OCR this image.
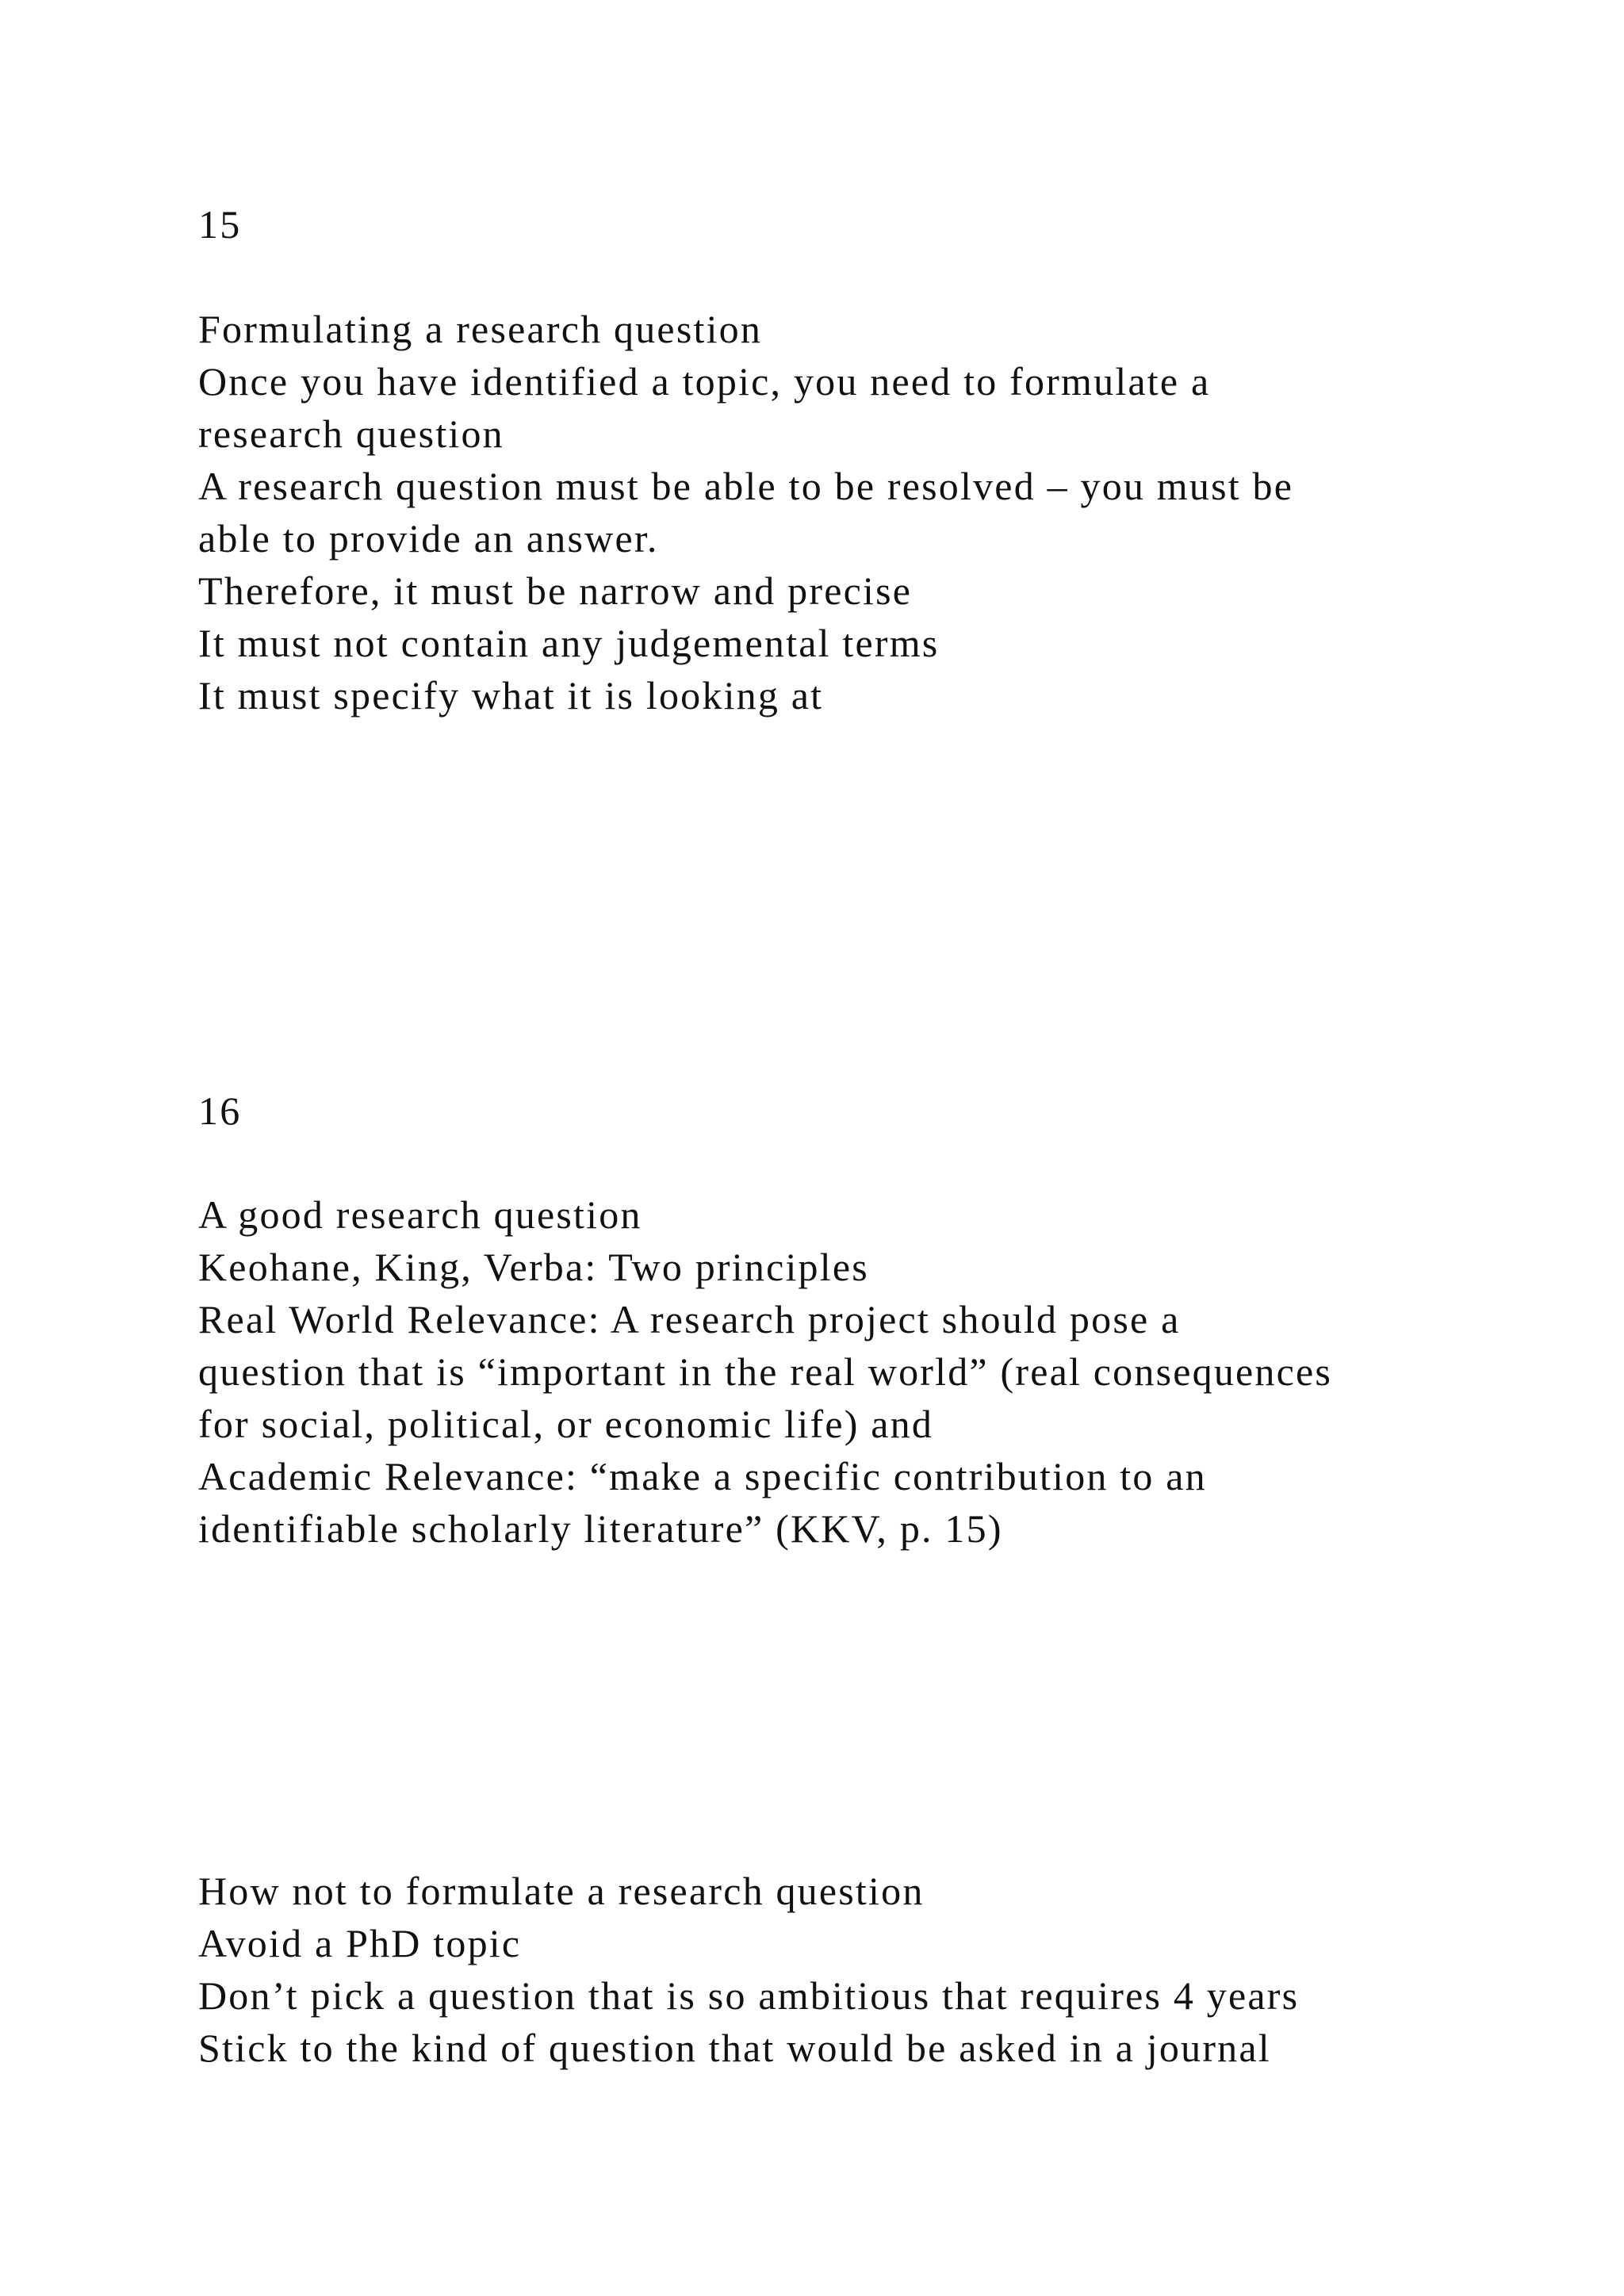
15

Formulating a research question

Once you have identified a topic, you need to formulate a

research question

A research question must be able to be resolved – you must be

able to provide an answer.

Therefore, it must be narrow and precise

It must not contain any judgemental terms

It must specify what it is looking at

16

A good research question

Keohane, King, Verba: Two principles

Real World Relevance: A research project should pose a

question that is “important in the real world” (real consequences

for social, political, or economic life) and

Academic Relevance: “make a specific contribution to an

identifiable scholarly literature” (KKV, p. 15)

How not to formulate a research question

Avoid a PhD topic

Don’t pick a question that is so ambitious that requires 4 years

Stick to the kind of question that would be asked in a journal
